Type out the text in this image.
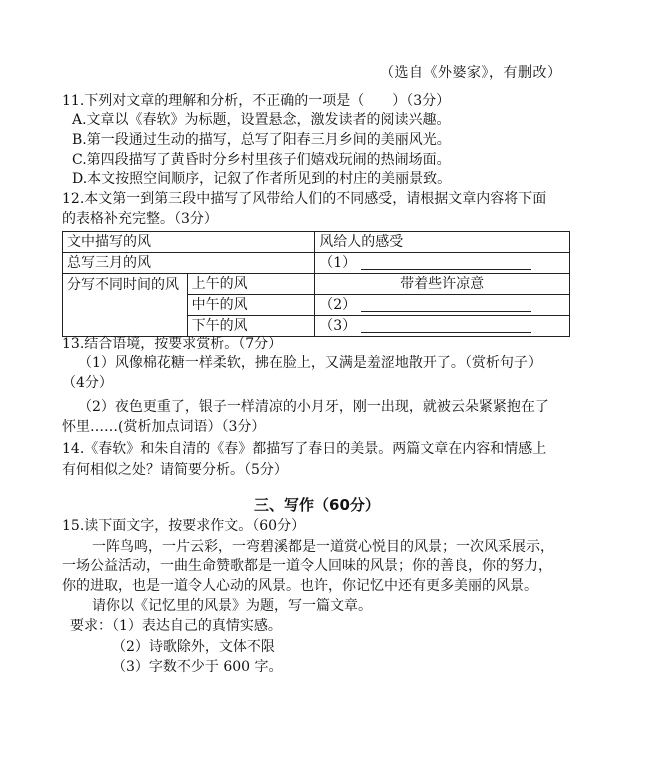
（选自《外婆家》，有删改）
11.下列对文章的理解和分析，不正确的一项是（　　）（3分）
A.文章以《春软》为标题，设置悬念，激发读者的阅读兴趣。
B.第一段通过生动的描写，总写了阳春三月乡间的美丽风光。
C.第四段描写了黄昏时分乡村里孩子们嬉戏玩闹的热闹场面。
D.本文按照空间顺序，记叙了作者所见到的村庄的美丽景致。
12.本文第一到第三段中描写了风带给人们的不同感受，请根据文章内容将下面
的表格补充完整。（3分）
文中描写的风		风给人的感受
总写三月的风		（1）
分写不同时间的风	上午的风	带着些许凉意
	中午的风	（2）
	下午的风	（3）
13.结合语境，按要求赏析。（7分）
（1）风像棉花糖一样柔软，拂在脸上，又满是羞涩地散开了。（赏析句子）
（4分）
（2）夜色更重了，银子一样清凉的小月牙，刚一出现，就被云朵紧紧抱在了
怀里……(赏析加点词语）（3分）
14.《春软》和朱自清的《春》都描写了春日的美景。两篇文章在内容和情感上
有何相似之处？请简要分析。（5分）
三、写作（60分）
15.读下面文字，按要求作文。（60分）
一阵鸟鸣，一片云彩，一弯碧溪都是一道赏心悦目的风景；一次风采展示，
一场公益活动，一曲生命赞歌都是一道令人回味的风景；你的善良，你的努力，
你的进取，也是一道令人心动的风景。也许，你记忆中还有更多美丽的风景。
请你以《记忆里的风景》为题，写一篇文章。
要求：（1）表达自己的真情实感。
（2）诗歌除外，文体不限
（3）字数不少于 600 字。
